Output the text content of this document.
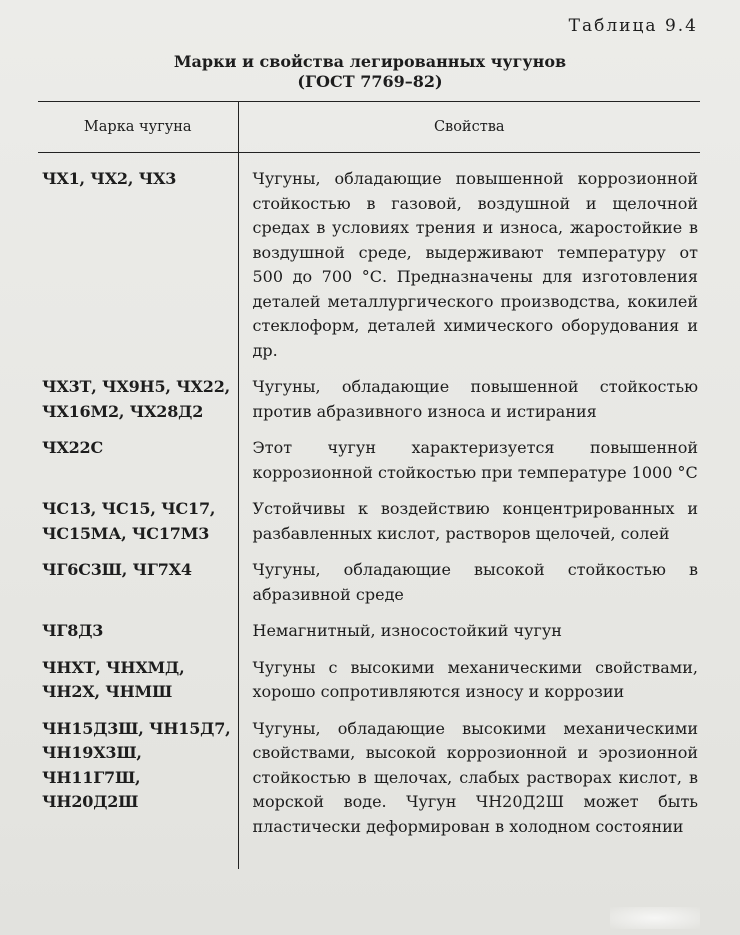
Таблица 9.4
Марки и свойства легированных чугунов
(ГОСТ 7769–82)
Марка чугуна	Свойства
ЧХ1, ЧХ2, ЧХ3	Чугуны, обладающие повышенной коррозионной стойкостью в газовой, воздушной и щелочной средах в условиях трения и износа, жаростойкие в воздушной среде, выдерживают температуру от 500 до 700 °С. Предназначены для изготовления деталей металлургического производства, кокилей стеклоформ, деталей химического оборудования и др.
ЧХ3Т, ЧХ9Н5, ЧХ22, ЧХ16М2, ЧХ28Д2	Чугуны, обладающие повышенной стойкостью против абразивного износа и истирания
ЧХ22С	Этот чугун характеризуется повышенной коррозионной стойкостью при температуре 1000 °С
ЧС13, ЧС15, ЧС17, ЧС15МА, ЧС17М3	Устойчивы к воздействию концентрированных и разбавленных кислот, растворов щелочей, солей
ЧГ6С3Ш, ЧГ7Х4	Чугуны, обладающие высокой стойкостью в абразивной среде
ЧГ8Д3	Немагнитный, износостойкий чугун
ЧНХТ, ЧНХМД, ЧН2Х, ЧНМШ	Чугуны с высокими механическими свойствами, хорошо сопротивляются износу и коррозии
ЧН15Д3Ш, ЧН15Д7, ЧН19Х3Ш, ЧН11Г7Ш, ЧН20Д2Ш	Чугуны, обладающие высокими механическими свойствами, высокой коррозионной и эрозионной стойкостью в щелочах, слабых растворах кислот, в морской воде. Чугун ЧН20Д2Ш может быть пластически деформирован в холодном состоянии
